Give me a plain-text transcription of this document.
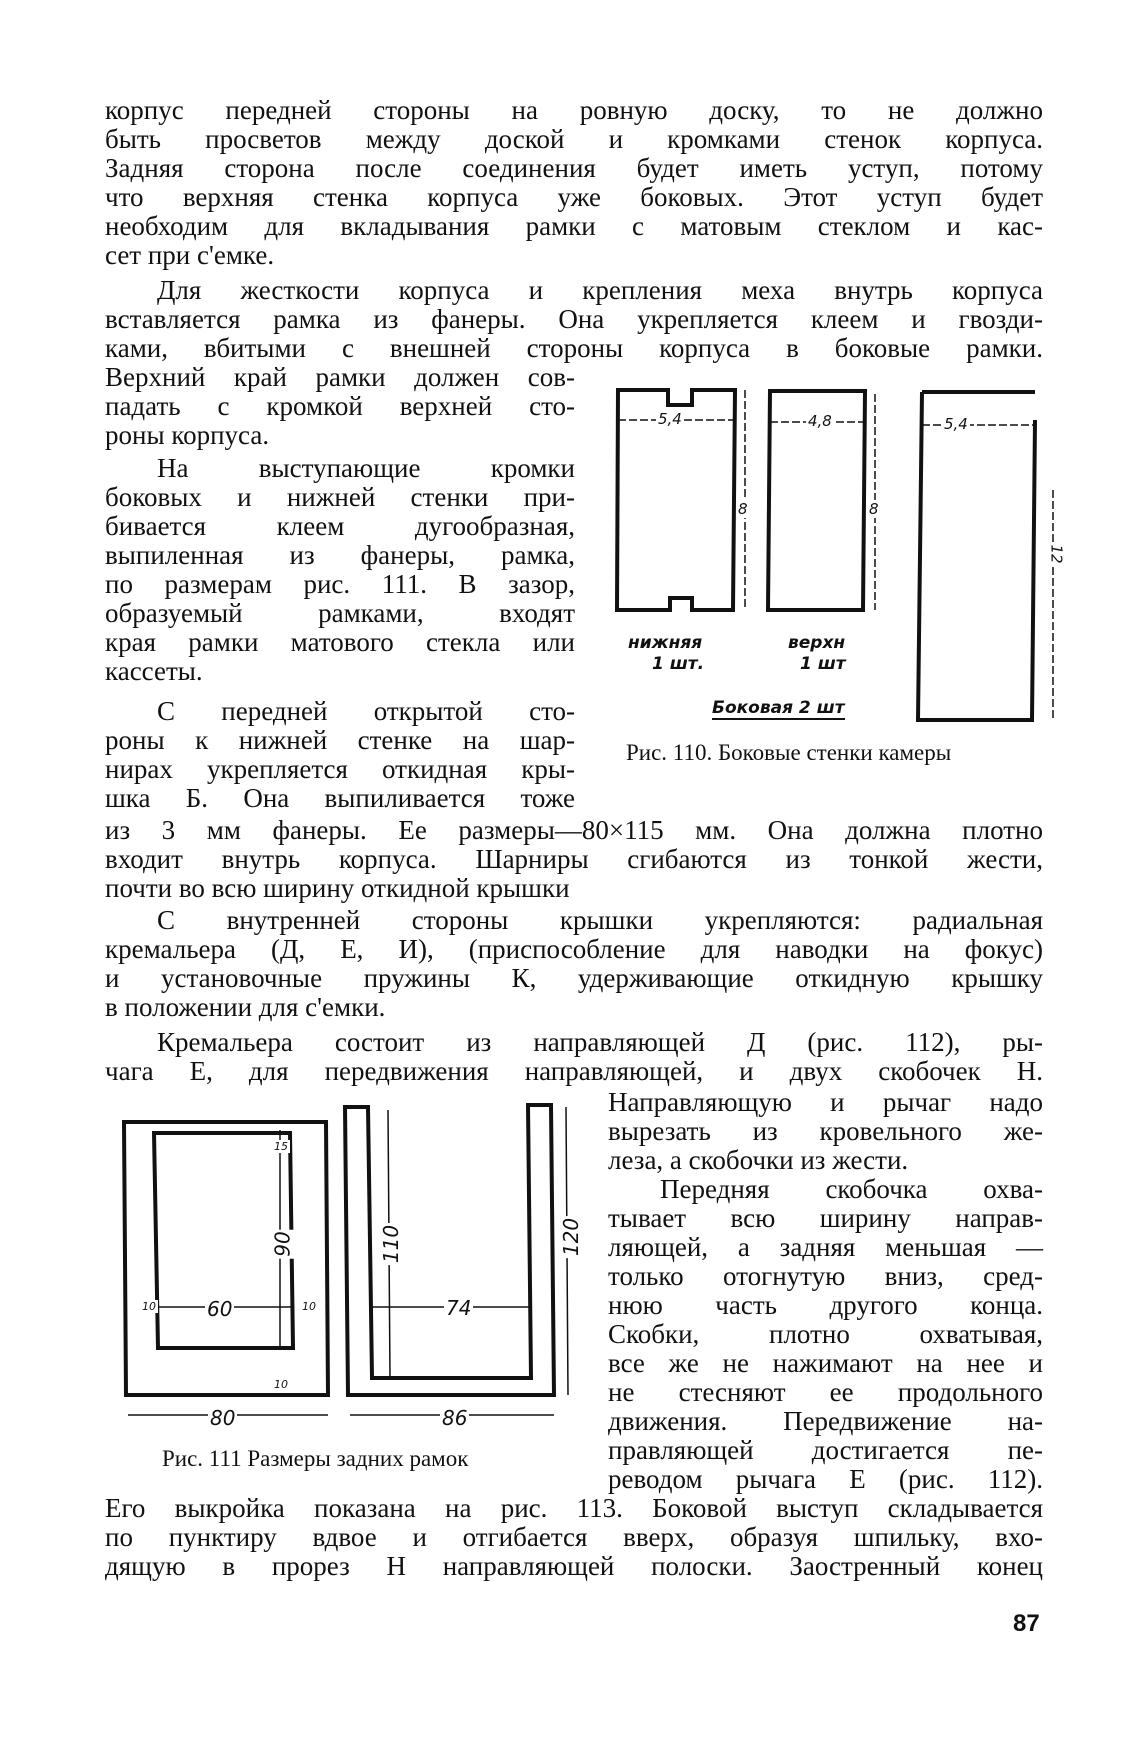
корпус передней стороны на ровную доску, то не должно
быть просветов между доской и кромками стенок корпуса.
Задняя сторона после соединения будет иметь уступ, потому
что верхняя стенка корпуса уже боковых. Этот уступ будет
необходим для вкладывания рамки с матовым стеклом и кас-
сет при с'емке.
Для жесткости корпуса и крепления меха внутрь корпуса
вставляется рамка из фанеры. Она укрепляется клеем и гвозди-
ками, вбитыми с внешней стороны корпуса в боковые рамки.
Верхний край рамки должен сов-
падать с кромкой верхней сто-
роны корпуса.
На выступающие кромки
боковых и нижней стенки при-
бивается клеем дугообразная,
выпиленная из фанеры, рамка,
по размерам рис. 111. В зазор,
образуемый рамками, входят
края рамки матового стекла или
кассеты.
С передней открытой сто-
роны к нижней стенке на шар-
нирах укрепляется откидная кры-
шка Б. Она выпиливается тоже
из 3 мм фанеры. Ее размеры—80×115 мм. Она должна плотно
входит внутрь корпуса. Шарниры сгибаются из тонкой жести,
почти во всю ширину откидной крышки
С внутренней стороны крышки укрепляются: радиальная
кремальера (Д, Е, И), (приспособление для наводки на фокус)
и установочные пружины К, удерживающие откидную крышку
в положении для с'емки.
Кремальера состоит из направляющей Д (рис. 112), ры-
чага Е, для передвижения направляющей, и двух скобочек Н.
Направляющую и рычаг надо
вырезать из кровельного же-
леза, а скобочки из жести.
Передняя скобочка охва-
тывает всю ширину направ-
ляющей, а задняя меньшая —
только отогнутую вниз, сред-
нюю часть другого конца.
Скобки, плотно охватывая,
все же не нажимают на нее и
не стесняют ее продольного
движения. Передвижение на-
правляющей достигается пе-
реводом рычага Е (рис. 112).
Его выкройка показана на рис. 113. Боковой выступ складывается
по пунктиру вдвое и отгибается вверх, образуя шпильку, вхо-
дящую в прорез Н направляющей полоски. Заостренный конец
5,4	4,8	5,4
8	8
12
нижняя
1 шт.
верхн
1 шт
Боковая 2 шт
Рис. 110. Боковые стенки камеры
60
90
15
10
10	10
80
74
110	120
86
Рис. 111 Размеры задних рамок
87
